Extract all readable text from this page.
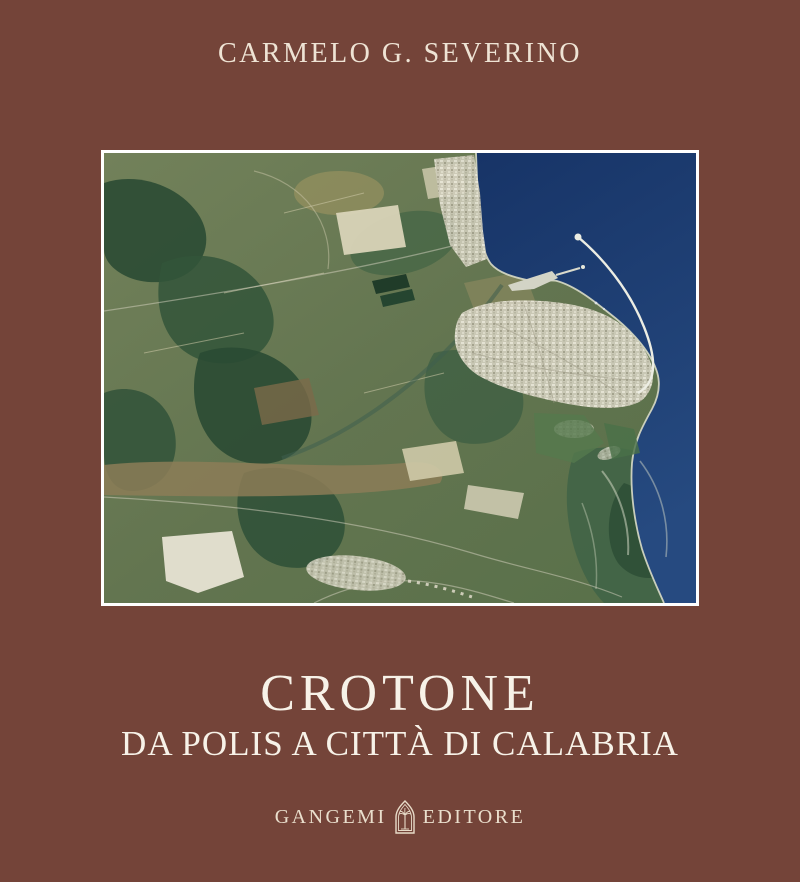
CARMELO G. SEVERINO
CROTONE
DA POLIS A CITTÀ DI CALABRIA
GANGEMI EDITORE
